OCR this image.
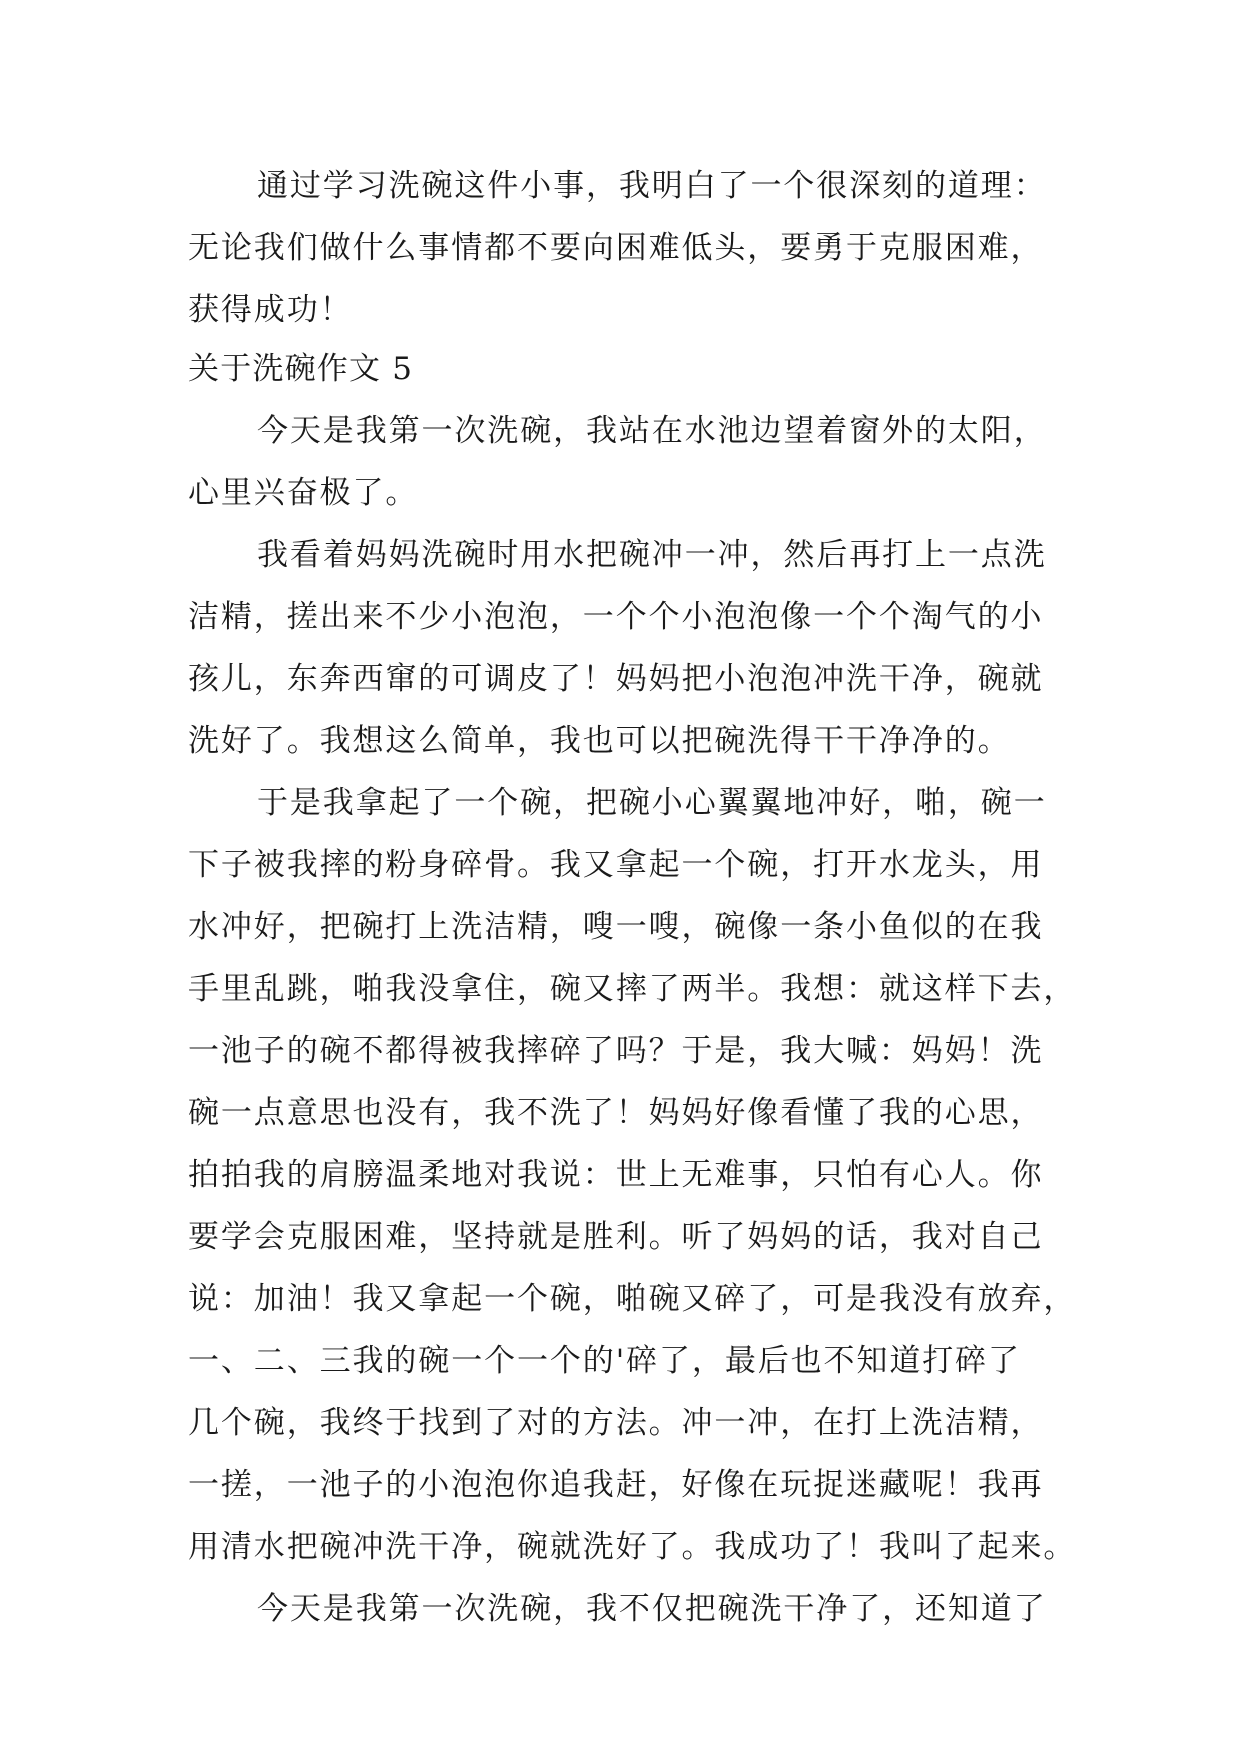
通过学习洗碗这件小事，我明白了一个很深刻的道理：
无论我们做什么事情都不要向困难低头，要勇于克服困难，
获得成功！
关于洗碗作文 5
今天是我第一次洗碗，我站在水池边望着窗外的太阳，
心里兴奋极了。
我看着妈妈洗碗时用水把碗冲一冲，然后再打上一点洗
洁精，搓出来不少小泡泡，一个个小泡泡像一个个淘气的小
孩儿，东奔西窜的可调皮了！妈妈把小泡泡冲洗干净，碗就
洗好了。我想这么简单，我也可以把碗洗得干干净净的。
于是我拿起了一个碗，把碗小心翼翼地冲好，啪，碗一
下子被我摔的粉身碎骨。我又拿起一个碗，打开水龙头，用
水冲好，把碗打上洗洁精，嗖一嗖，碗像一条小鱼似的在我
手里乱跳，啪我没拿住，碗又摔了两半。我想：就这样下去，
一池子的碗不都得被我摔碎了吗？于是，我大喊：妈妈！洗
碗一点意思也没有，我不洗了！妈妈好像看懂了我的心思，
拍拍我的肩膀温柔地对我说：世上无难事，只怕有心人。你
要学会克服困难，坚持就是胜利。听了妈妈的话，我对自己
说：加油！我又拿起一个碗，啪碗又碎了，可是我没有放弃，
一、二、三我的碗一个一个的'碎了，最后也不知道打碎了
几个碗，我终于找到了对的方法。冲一冲，在打上洗洁精，
一搓，一池子的小泡泡你追我赶，好像在玩捉迷藏呢！我再
用清水把碗冲洗干净，碗就洗好了。我成功了！我叫了起来。
今天是我第一次洗碗，我不仅把碗洗干净了，还知道了
